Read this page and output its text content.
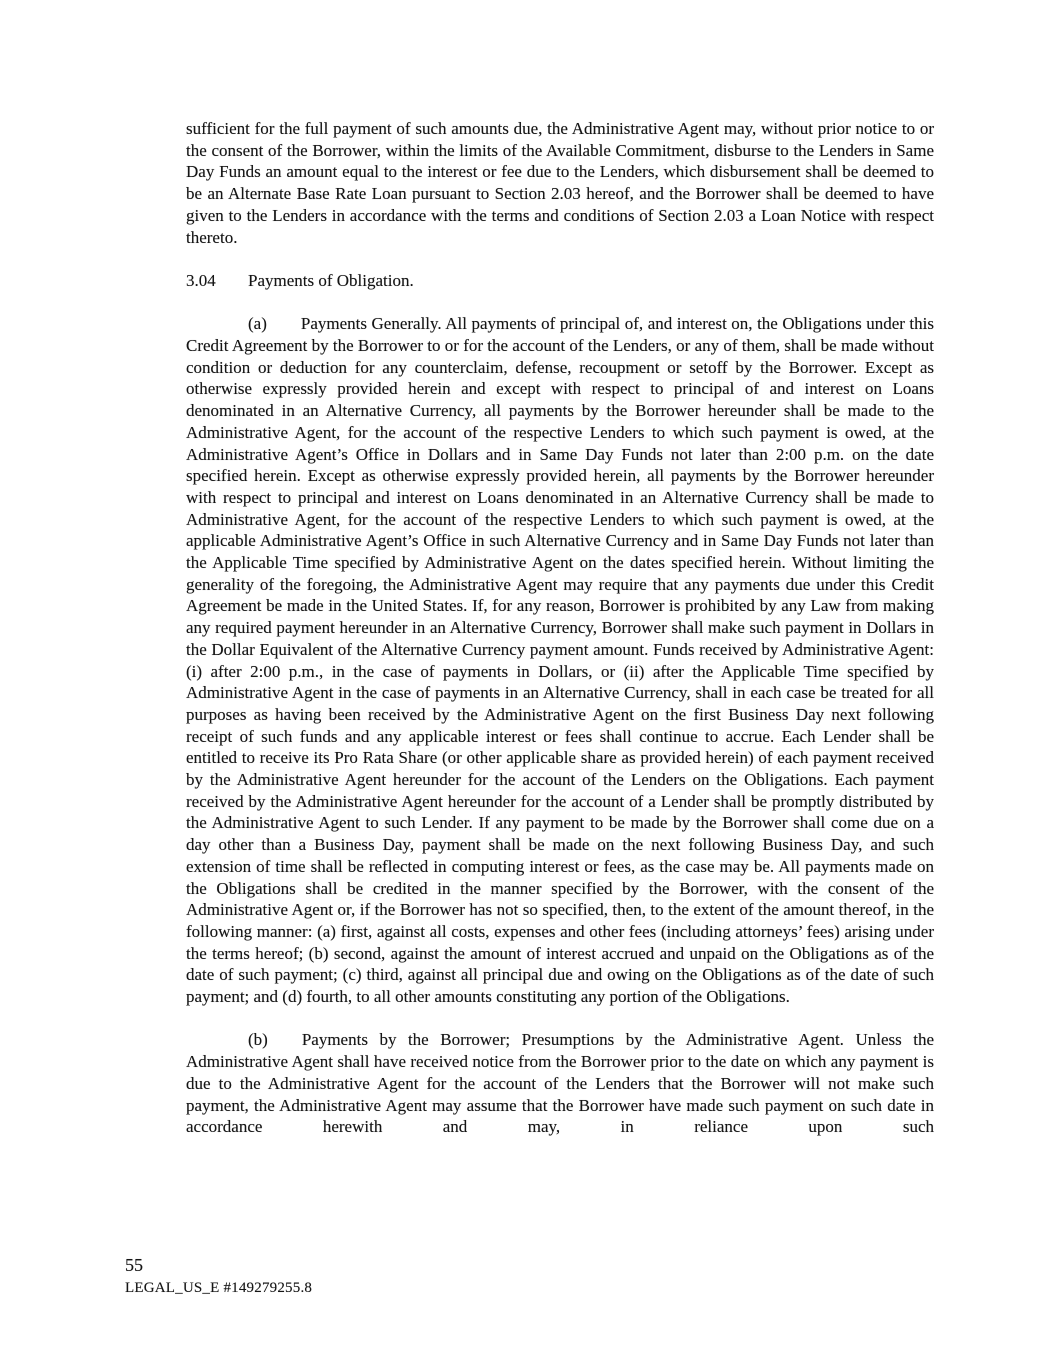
sufficient for the full payment of such amounts due, the Administrative Agent may, without prior notice to or the consent of the Borrower, within the limits of the Available Commitment, disburse to the Lenders in Same Day Funds an amount equal to the interest or fee due to the Lenders, which disbursement shall be deemed to be an Alternate Base Rate Loan pursuant to Section 2.03 hereof, and the Borrower shall be deemed to have given to the Lenders in accordance with the terms and conditions of Section 2.03 a Loan Notice with respect thereto.

3.04 Payments of Obligation.

(a) Payments Generally. All payments of principal of, and interest on, the Obligations under this Credit Agreement by the Borrower to or for the account of the Lenders, or any of them, shall be made without condition or deduction for any counterclaim, defense, recoupment or setoff by the Borrower. Except as otherwise expressly provided herein and except with respect to principal of and interest on Loans denominated in an Alternative Currency, all payments by the Borrower hereunder shall be made to the Administrative Agent, for the account of the respective Lenders to which such payment is owed, at the Administrative Agent’s Office in Dollars and in Same Day Funds not later than 2:00 p.m. on the date specified herein. Except as otherwise expressly provided herein, all payments by the Borrower hereunder with respect to principal and interest on Loans denominated in an Alternative Currency shall be made to Administrative Agent, for the account of the respective Lenders to which such payment is owed, at the applicable Administrative Agent’s Office in such Alternative Currency and in Same Day Funds not later than the Applicable Time specified by Administrative Agent on the dates specified herein. Without limiting the generality of the foregoing, the Administrative Agent may require that any payments due under this Credit Agreement be made in the United States. If, for any reason, Borrower is prohibited by any Law from making any required payment hereunder in an Alternative Currency, Borrower shall make such payment in Dollars in the Dollar Equivalent of the Alternative Currency payment amount. Funds received by Administrative Agent: (i) after 2:00 p.m., in the case of payments in Dollars, or (ii) after the Applicable Time specified by Administrative Agent in the case of payments in an Alternative Currency, shall in each case be treated for all purposes as having been received by the Administrative Agent on the first Business Day next following receipt of such funds and any applicable interest or fees shall continue to accrue. Each Lender shall be entitled to receive its Pro Rata Share (or other applicable share as provided herein) of each payment received by the Administrative Agent hereunder for the account of the Lenders on the Obligations. Each payment received by the Administrative Agent hereunder for the account of a Lender shall be promptly distributed by the Administrative Agent to such Lender. If any payment to be made by the Borrower shall come due on a day other than a Business Day, payment shall be made on the next following Business Day, and such extension of time shall be reflected in computing interest or fees, as the case may be. All payments made on the Obligations shall be credited in the manner specified by the Borrower, with the consent of the Administrative Agent or, if the Borrower has not so specified, then, to the extent of the amount thereof, in the following manner: (a) first, against all costs, expenses and other fees (including attorneys’ fees) arising under the terms hereof; (b) second, against the amount of interest accrued and unpaid on the Obligations as of the date of such payment; (c) third, against all principal due and owing on the Obligations as of the date of such payment; and (d) fourth, to all other amounts constituting any portion of the Obligations.

(b) Payments by the Borrower; Presumptions by the Administrative Agent. Unless the Administrative Agent shall have received notice from the Borrower prior to the date on which any payment is due to the Administrative Agent for the account of the Lenders that the Borrower will not make such payment, the Administrative Agent may assume that the Borrower have made such payment on such date in accordance herewith and may, in reliance upon such

55
LEGAL_US_E #149279255.8
